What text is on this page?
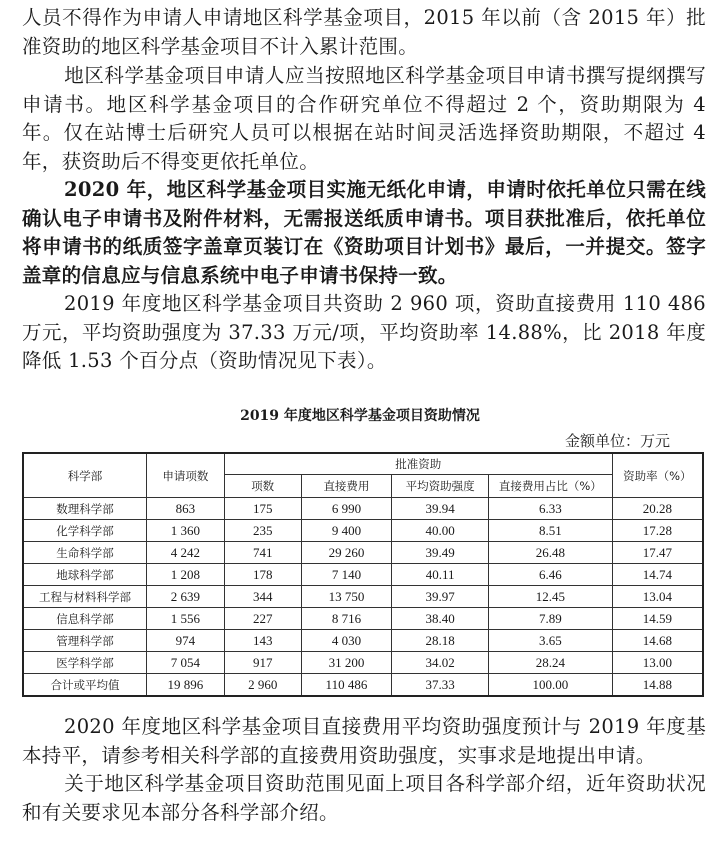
人员不得作为申请人申请地区科学基金项目，2015 年以前（含 2015 年）批准资助的地区科学基金项目不计入累计范围。
地区科学基金项目申请人应当按照地区科学基金项目申请书撰写提纲撰写申请书。地区科学基金项目的合作研究单位不得超过 2 个，资助期限为 4 年。仅在站博士后研究人员可以根据在站时间灵活选择资助期限，不超过 4 年，获资助后不得变更依托单位。
2020 年，地区科学基金项目实施无纸化申请，申请时依托单位只需在线确认电子申请书及附件材料，无需报送纸质申请书。项目获批准后，依托单位将申请书的纸质签字盖章页装订在《资助项目计划书》最后，一并提交。签字盖章的信息应与信息系统中电子申请书保持一致。
2019 年度地区科学基金项目共资助 2 960 项，资助直接费用 110 486 万元，平均资助强度为 37.33 万元/项，平均资助率 14.88%，比 2018 年度降低 1.53 个百分点（资助情况见下表）。
2019 年度地区科学基金项目资助情况
金额单位：万元
科学部	申请项数	批准资助				资助率（%）
		项数	直接费用	平均资助强度	直接费用占比（%）	
数理科学部	863	175	6 990	39.94	6.33	20.28
化学科学部	1 360	235	9 400	40.00	8.51	17.28
生命科学部	4 242	741	29 260	39.49	26.48	17.47
地球科学部	1 208	178	7 140	40.11	6.46	14.74
工程与材料科学部	2 639	344	13 750	39.97	12.45	13.04
信息科学部	1 556	227	8 716	38.40	7.89	14.59
管理科学部	974	143	4 030	28.18	3.65	14.68
医学科学部	7 054	917	31 200	34.02	28.24	13.00
合计或平均值	19 896	2 960	110 486	37.33	100.00	14.88
2020 年度地区科学基金项目直接费用平均资助强度预计与 2019 年度基本持平，请参考相关科学部的直接费用资助强度，实事求是地提出申请。
关于地区科学基金项目资助范围见面上项目各科学部介绍，近年资助状况和有关要求见本部分各科学部介绍。
